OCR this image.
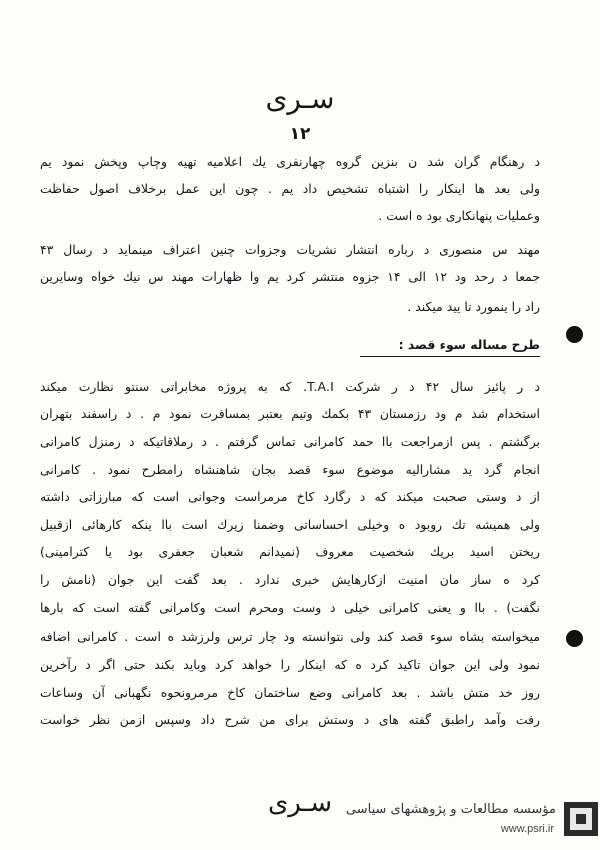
سـری
۱۲
د رهنگام گران شد ن بنزین گروه چهارنفری یك اعلامیه تهیه وچاپ وپخش نمود یم
ولی بعد ها اینکار را اشتباه تشخیص داد یم . چون این عمل برخلاف اصول حفاظت
وعملیات پنهانکاری بود ه است .
مهند س منصوری د رباره انتشار نشریات وجزوات چنین اعتراف مینماید د رسال ۴۳
جمعا د رحد ود ۱۲ الی ۱۴ جزوه منتشر کرد یم وا ظهارات مهند س نیك خواه وسایرین
راد را ینمورد تا یید میکند .
طرح مساله سوء قصد :
د ر پائیز سال ۴۲ د ر شرکت T.A.I. که به پروژه مخابراتی سنتو نظارت میکند
استخدام شد م ود رزمستان ۴۳ بکمك وتیم بعتبر بمسافرت نمود م . د راسفند بتهران
برگشتم . پس ازمراجعت باا حمد کامرانی تماس گرفتم . د رملاقاتیکه د رمنزل کامرانی
انجام گرد ید مشارالیه موضوع سوء قصد بجان شاهنشاه رامطرح نمود . کامرانی
از د وستی صحبت میکند که د رگارد کاخ مرمراست وجوانی است که مبارزاتی داشته
ولی همیشه تك روبود ه وخیلی احساساتی وضمنا زیرك است باا ینکه کارهائی ازقبیل
ریختن اسید بریك شخصیت معروف (نمیدانم شعبان جعفری بود یا کترامینی)
کرد ه ساز مان امنیت ازکارهایش خبری ندارد . بعد گفت این جوان (نامش را
نگفت) . باا و یعنی کامرانی خیلی د وست ومحرم است وکامرانی گفته است که بارها
میخواسته بشاه سوء قصد کند ولی نتوانسته ود چار ترس ولرزشد ه است . کامرانی اضافه
نمود ولی این جوان تاکید کرد ه که اینکار را خواهد کرد وباید بکند حتی اگر د رآخرین
روز خد متش باشد . بعد کامرانی وضع ساختمان کاخ مرمرونحوه نگهبانی آن وساعات
رفت وآمد راطبق گفته های د وستش برای من شرح داد وسپس ازمن نظر خواست
سـری	مؤسسه مطالعات و پژوهشهای سیاسی
www.psri.ir
